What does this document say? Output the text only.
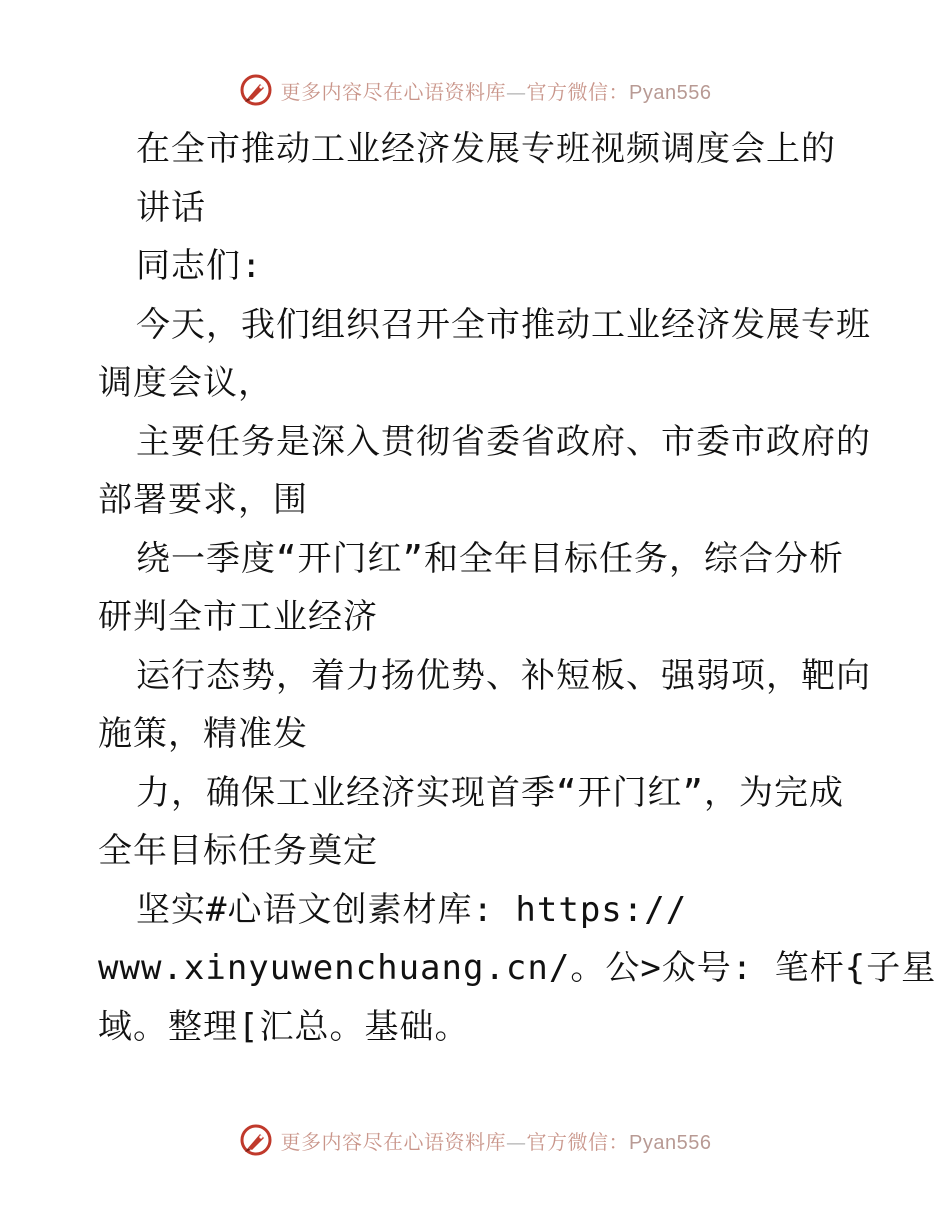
更多内容尽在心语资料库—官方微信：Pyan556
在全市推动工业经济发展专班视频调度会上的
讲话
同志们:
今天，我们组织召开全市推动工业经济发展专班
调度会议，
主要任务是深入贯彻省委省政府、市委市政府的
部署要求，围
绕一季度“开门红”和全年目标任务，综合分析
研判全市工业经济
运行态势，着力扬优势、补短板、强弱项，靶向
施策，精准发
力，确保工业经济实现首季“开门红”，为完成
全年目标任务奠定
坚实#心语文创素材库: https://
www.xinyuwenchuang.cn/。公>众号: 笔杆{子星
域。整理[汇总。基础。
更多内容尽在心语资料库—官方微信：Pyan556
